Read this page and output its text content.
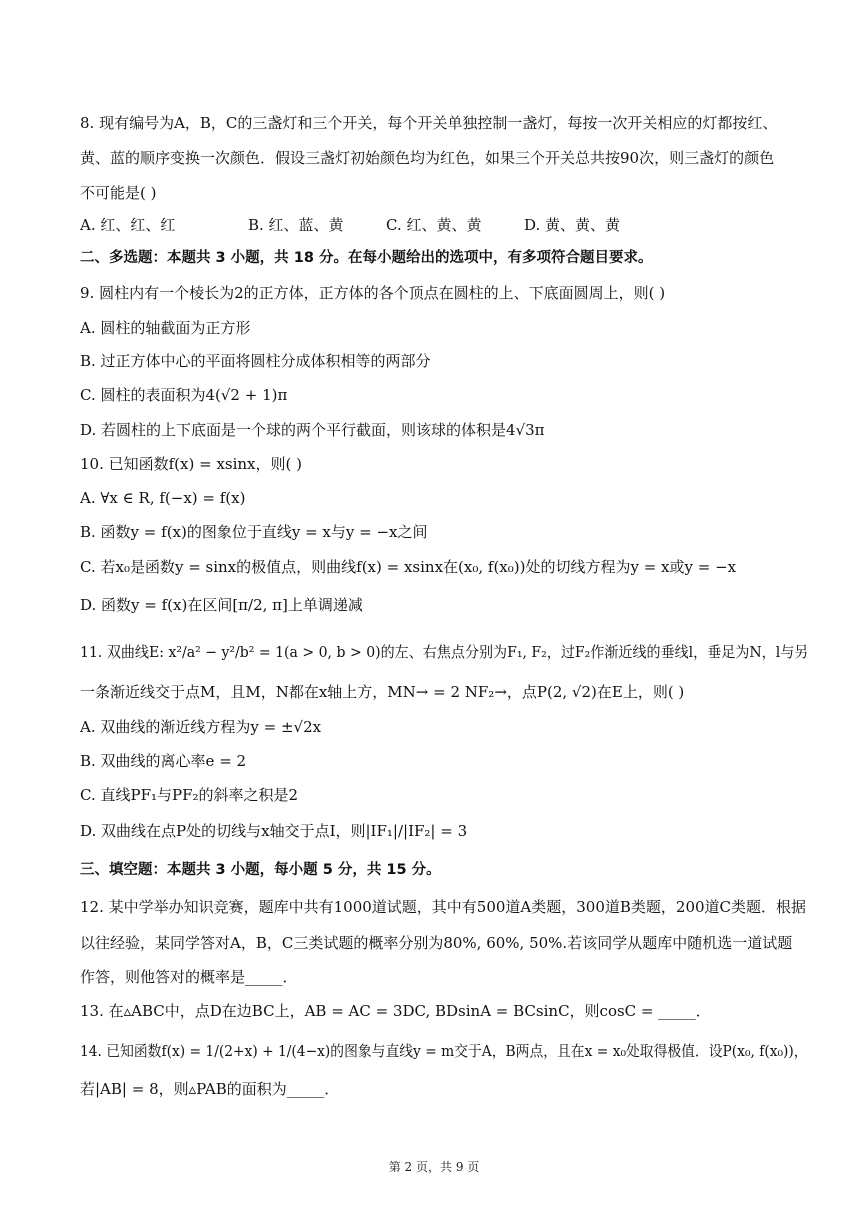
8. 现有编号为A，B，C的三盏灯和三个开关，每个开关单独控制一盏灯，每按一次开关相应的灯都按红、
黄、蓝的顺序变换一次颜色．假设三盏灯初始颜色均为红色，如果三个开关总共按90次，则三盏灯的颜色
不可能是( )
A. 红、红、红	B. 红、蓝、黄	C. 红、黄、黄	D. 黄、黄、黄
二、多选题：本题共 3 小题，共 18 分。在每小题给出的选项中，有多项符合题目要求。
9. 圆柱内有一个棱长为2的正方体，正方体的各个顶点在圆柱的上、下底面圆周上，则( )
A. 圆柱的轴截面为正方形
B. 过正方体中心的平面将圆柱分成体积相等的两部分
C. 圆柱的表面积为4(√2 + 1)π
D. 若圆柱的上下底面是一个球的两个平行截面，则该球的体积是4√3π
10. 已知函数f(x) = xsinx，则( )
A. ∀x ∈ R, f(−x) = f(x)
B. 函数y = f(x)的图象位于直线y = x与y = −x之间
C. 若x₀是函数y = sinx的极值点，则曲线f(x) = xsinx在(x₀, f(x₀))处的切线方程为y = x或y = −x
D. 函数y = f(x)在区间[π/2, π]上单调递减
11. 双曲线E: x²/a² − y²/b² = 1(a > 0, b > 0)的左、右焦点分别为F₁, F₂，过F₂作渐近线的垂线l，垂足为N，l与另
一条渐近线交于点M，且M，N都在x轴上方，MN→ = 2 NF₂→，点P(2, √2)在E上，则( )
A. 双曲线的渐近线方程为y = ±√2x
B. 双曲线的离心率e = 2
C. 直线PF₁与PF₂的斜率之积是2
D. 双曲线在点P处的切线与x轴交于点I，则|IF₁|/|IF₂| = 3
三、填空题：本题共 3 小题，每小题 5 分，共 15 分。
12. 某中学举办知识竞赛，题库中共有1000道试题，其中有500道A类题，300道B类题，200道C类题．根据
以往经验，某同学答对A，B，C三类试题的概率分别为80%, 60%, 50%.若该同学从题库中随机选一道试题
作答，则他答对的概率是_____．
13. 在▵ABC中，点D在边BC上，AB = AC = 3DC, BDsinA = BCsinC，则cosC = _____．
14. 已知函数f(x) = 1/(2+x) + 1/(4−x)的图象与直线y = m交于A，B两点，且在x = x₀处取得极值．设P(x₀, f(x₀))，
若|AB| = 8，则▵PAB的面积为_____．
第 2 页，共 9 页
